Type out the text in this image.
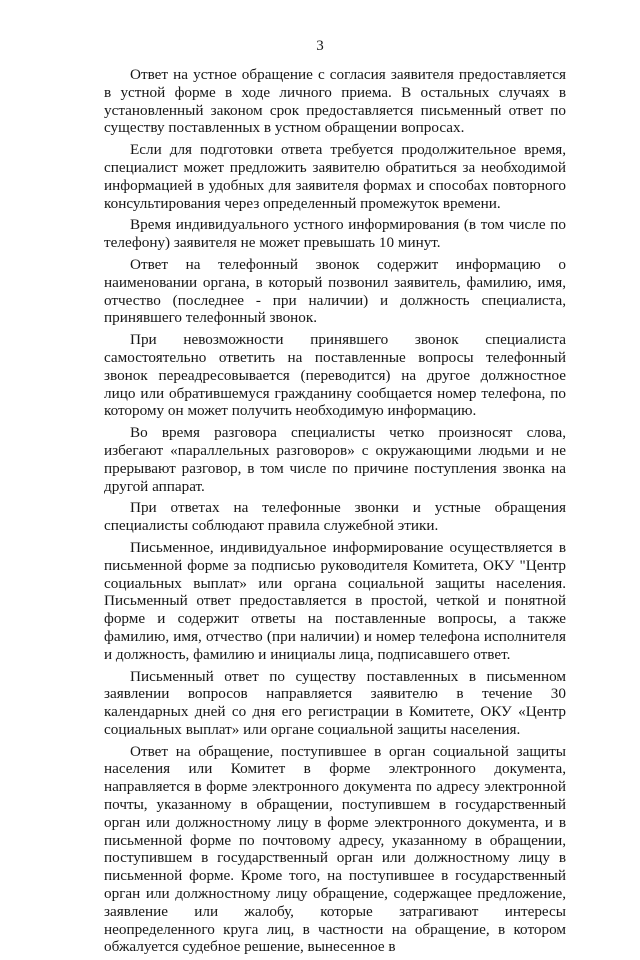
3

Ответ на устное обращение с согласия заявителя предоставляется в устной форме в ходе личного приема. В остальных случаях в установленный законом срок предоставляется письменный ответ по существу поставленных в устном обращении вопросах.

Если для подготовки ответа требуется продолжительное время, специалист может предложить заявителю обратиться за необходимой информацией в удобных для заявителя формах и способах повторного консультирования через определенный промежуток времени.

Время индивидуального устного информирования (в том числе по телефону) заявителя не может превышать 10 минут.

Ответ на телефонный звонок содержит информацию о наименовании органа, в который позвонил заявитель, фамилию, имя, отчество (последнее - при наличии) и должность специалиста, принявшего телефонный звонок.

При невозможности принявшего звонок специалиста самостоятельно ответить на поставленные вопросы телефонный звонок переадресовывается (переводится) на другое должностное лицо или обратившемуся гражданину сообщается номер телефона, по которому он может получить необходимую информацию.

Во время разговора специалисты четко произносят слова, избегают «параллельных разговоров» с окружающими людьми и не прерывают разговор, в том числе по причине поступления звонка на другой аппарат.

При ответах на телефонные звонки и устные обращения специалисты соблюдают правила служебной этики.

Письменное, индивидуальное информирование осуществляется в письменной форме за подписью руководителя Комитета, ОКУ "Центр социальных выплат» или органа социальной защиты населения. Письменный ответ предоставляется в простой, четкой и понятной форме и содержит ответы на поставленные вопросы, а также фамилию, имя, отчество (при наличии) и номер телефона исполнителя и должность, фамилию и инициалы лица, подписавшего ответ.

Письменный ответ по существу поставленных в письменном заявлении вопросов направляется заявителю в течение 30 календарных дней со дня его регистрации в Комитете, ОКУ «Центр социальных выплат» или органе социальной защиты населения.

Ответ на обращение, поступившее в орган социальной защиты населения или Комитет в форме электронного документа, направляется в форме электронного документа по адресу электронной почты, указанному в обращении, поступившем в государственный орган или должностному лицу в форме электронного документа, и в письменной форме по почтовому адресу, указанному в обращении, поступившем в государственный орган или должностному лицу в письменной форме. Кроме того, на поступившее в государственный орган или должностному лицу обращение, содержащее предложение, заявление или жалобу, которые затрагивают интересы неопределенного круга лиц, в частности на обращение, в котором обжалуется судебное решение, вынесенное в
